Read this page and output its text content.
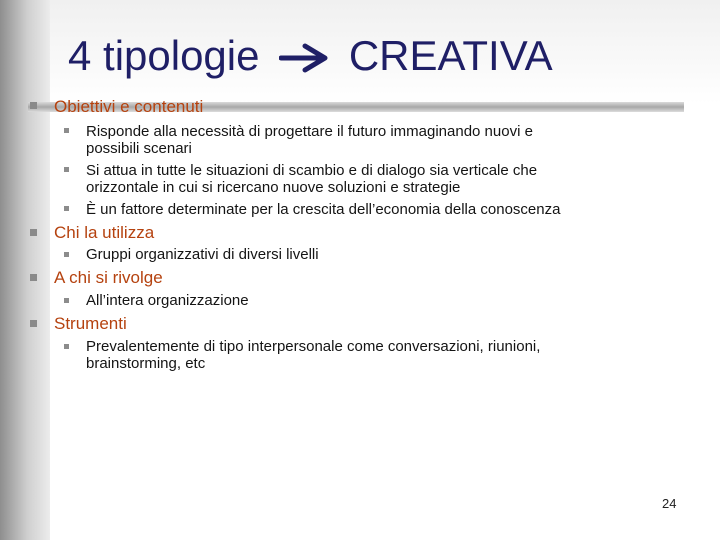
4 tipologie CREATIVA
Obiettivi e contenuti
Risponde alla necessità di progettare il futuro immaginando nuovi e
possibili scenari
Si attua in tutte le situazioni di scambio e di dialogo sia verticale che
orizzontale in cui si ricercano nuove soluzioni e strategie
È un fattore determinate per la crescita dell’economia della conoscenza
Chi la utilizza
Gruppi organizzativi di diversi livelli
A chi si rivolge
All’intera organizzazione
Strumenti
Prevalentemente di tipo interpersonale come conversazioni, riunioni,
brainstorming, etc
24
